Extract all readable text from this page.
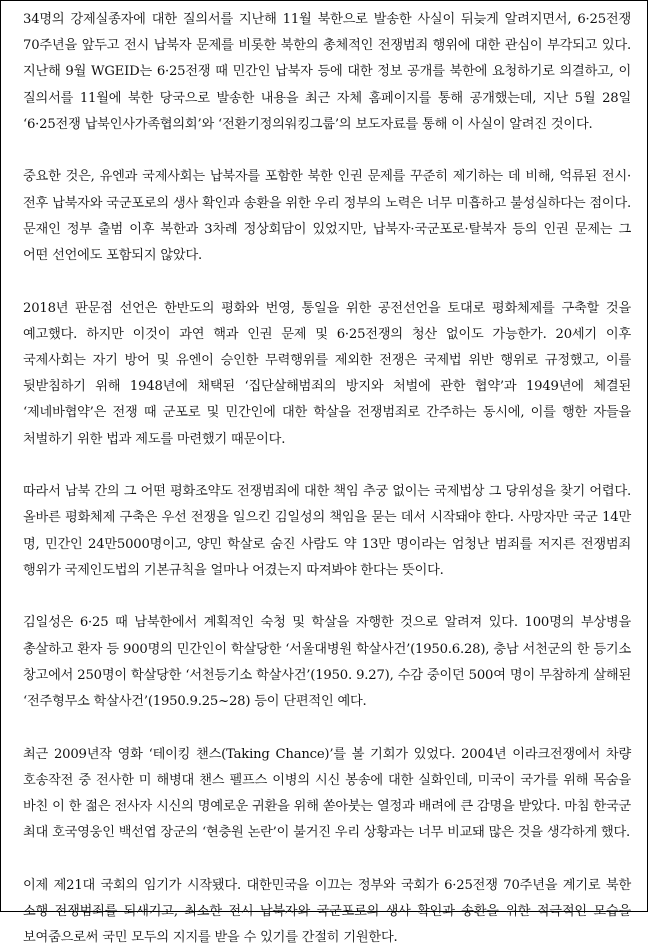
34명의 강제실종자에 대한 질의서를 지난해 11월 북한으로 발송한 사실이 뒤늦게 알려지면서, 6·25전쟁 70주년을 앞두고 전시 납북자 문제를 비롯한 북한의 총체적인 전쟁범죄 행위에 대한 관심이 부각되고 있다. 지난해 9월 WGEID는 6·25전쟁 때 민간인 납북자 등에 대한 정보 공개를 북한에 요청하기로 의결하고, 이 질의서를 11월에 북한 당국으로 발송한 내용을 최근 자체 홈페이지를 통해 공개했는데, 지난 5월 28일 ‘6·25전쟁 납북인사가족협의회’와 ‘전환기정의워킹그룹’의 보도자료를 통해 이 사실이 알려진 것이다.

중요한 것은, 유엔과 국제사회는 납북자를 포함한 북한 인권 문제를 꾸준히 제기하는 데 비해, 억류된 전시·전후 납북자와 국군포로의 생사 확인과 송환을 위한 우리 정부의 노력은 너무 미흡하고 불성실하다는 점이다. 문재인 정부 출범 이후 북한과 3차례 정상회담이 있었지만, 납북자·국군포로·탈북자 등의 인권 문제는 그 어떤 선언에도 포함되지 않았다.

2018년 판문점 선언은 한반도의 평화와 번영, 통일을 위한 공전선언을 토대로 평화체제를 구축할 것을 예고했다. 하지만 이것이 과연 핵과 인권 문제 및 6·25전쟁의 청산 없이도 가능한가. 20세기 이후 국제사회는 자기 방어 및 유엔이 승인한 무력행위를 제외한 전쟁은 국제법 위반 행위로 규정했고, 이를 뒷받침하기 위해 1948년에 채택된 ‘집단살해범죄의 방지와 처벌에 관한 협약’과 1949년에 체결된 ‘제네바협약’은 전쟁 때 군포로 및 민간인에 대한 학살을 전쟁범죄로 간주하는 동시에, 이를 행한 자들을 처벌하기 위한 법과 제도를 마련했기 때문이다.

따라서 남북 간의 그 어떤 평화조약도 전쟁범죄에 대한 책임 추궁 없이는 국제법상 그 당위성을 찾기 어렵다. 올바른 평화체제 구축은 우선 전쟁을 일으킨 김일성의 책임을 묻는 데서 시작돼야 한다. 사망자만 국군 14만 명, 민간인 24만5000명이고, 양민 학살로 숨진 사람도 약 13만 명이라는 엄청난 범죄를 저지른 전쟁범죄 행위가 국제인도법의 기본규칙을 얼마나 어겼는지 따져봐야 한다는 뜻이다.

김일성은 6·25 때 남북한에서 계획적인 숙청 및 학살을 자행한 것으로 알려져 있다. 100명의 부상병을 총살하고 환자 등 900명의 민간인이 학살당한 ‘서울대병원 학살사건’(1950.6.28), 충남 서천군의 한 등기소 창고에서 250명이 학살당한 ‘서천등기소 학살사건’(1950. 9.27), 수감 중이던 500여 명이 무참하게 살해된 ‘전주형무소 학살사건’(1950.9.25~28) 등이 단편적인 예다.

최근 2009년작 영화 ‘테이킹 챈스(Taking Chance)’를 볼 기회가 있었다. 2004년 이라크전쟁에서 차량 호송작전 중 전사한 미 해병대 챈스 펠프스 이병의 시신 봉송에 대한 실화인데, 미국이 국가를 위해 목숨을 바친 이 한 젊은 전사자 시신의 명예로운 귀환을 위해 쏟아붓는 열정과 배려에 큰 감명을 받았다. 마침 한국군 최대 호국영웅인 백선엽 장군의 ‘현충원 논란’이 불거진 우리 상황과는 너무 비교돼 많은 것을 생각하게 했다.

이제 제21대 국회의 임기가 시작됐다. 대한민국을 이끄는 정부와 국회가 6·25전쟁 70주년을 계기로 북한 소행 전쟁범죄를 되새기고, 최소한 전시 납북자와 국군포로의 생사 확인과 송환을 위한 적극적인 모습을 보여줌으로써 국민 모두의 지지를 받을 수 있기를 간절히 기원한다.
